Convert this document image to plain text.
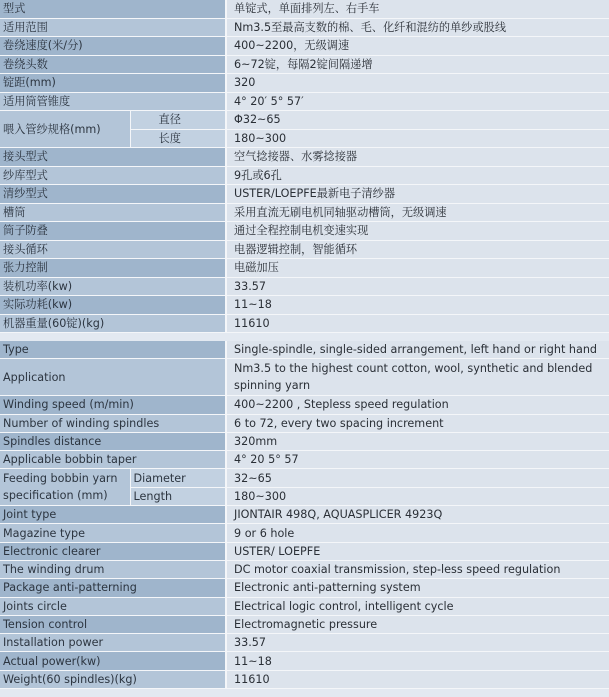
型式		单锭式，单面排列左、右手车
适用范围		Nm3.5至最高支数的棉、毛、化纤和混纺的单纱或股线
卷绕速度(米/分)		400~2200，无级调速
卷绕头数		6~72锭，每隔2锭间隔递增
锭距(mm)		320
适用筒管锥度		4° 20′ 5° 57′
喂入管纱规格(mm)	直径	Φ32~65
	长度	180~300
接头型式		空气捻接器、水雾捻接器
纱库型式		9孔或6孔
清纱型式		USTER/LOEPFE最新电子清纱器
槽筒		采用直流无刷电机同轴驱动槽筒，无级调速
筒子防叠		通过全程控制电机变速实现
接头循环		电器逻辑控制，智能循环
张力控制		电磁加压
装机功率(kw)		33.57
实际功耗(kw)		11~18
机器重量(60锭)(kg)		11610
Type		Single-spindle, single-sided arrangement, left hand or right hand
Application		Nm3.5 to the highest count cotton, wool, synthetic and blended spinning yarn
Winding speed (m/min)		400~2200 , Stepless speed regulation
Number of winding spindles		6 to 72, every two spacing increment
Spindles distance		320mm
Applicable bobbin taper		4° 20 5° 57

Feeding bobbin yarn
specification (mm)	Diameter	32~65
	Length	180~300
Joint type		JIONTAIR 498Q, AQUASPLICER 4923Q
Magazine type		9 or 6 hole
Electronic clearer		USTER/ LOEPFE
The winding drum		DC motor coaxial transmission, step-less speed regulation
Package anti-patterning		Electronic anti-patterning system
Joints circle		Electrical logic control, intelligent cycle
Tension control		Electromagnetic pressure
Installation power		33.57
Actual power(kw)		11~18
Weight(60 spindles)(kg)		11610
